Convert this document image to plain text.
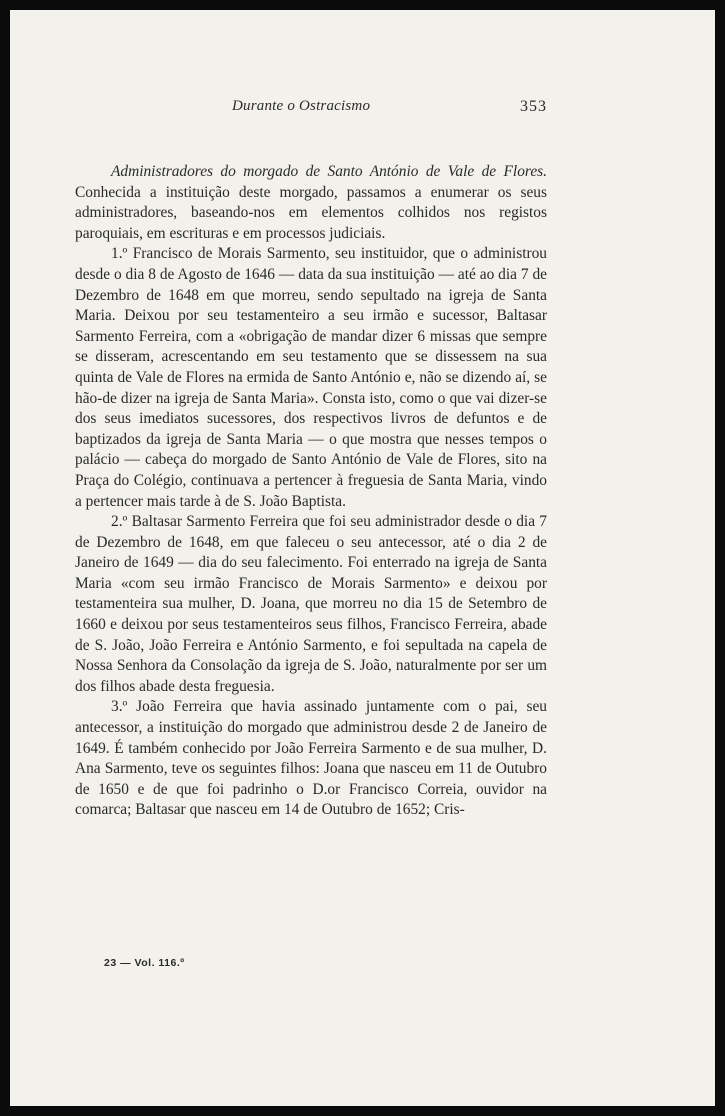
Durante o Ostracismo	353

Administradores do morgado de Santo António de Vale de Flores. Conhecida a instituição deste morgado, passamos a enumerar os seus administradores, baseando-nos em elementos colhidos nos registos paroquiais, em escrituras e em processos judiciais.

1.º Francisco de Morais Sarmento, seu instituidor, que o administrou desde o dia 8 de Agosto de 1646 — data da sua instituição — até ao dia 7 de Dezembro de 1648 em que morreu, sendo sepultado na igreja de Santa Maria. Deixou por seu testamenteiro a seu irmão e sucessor, Baltasar Sarmento Ferreira, com a «obrigação de mandar dizer 6 missas que sempre se disseram, acrescentando em seu testamento que se dissessem na sua quinta de Vale de Flores na ermida de Santo António e, não se dizendo aí, se hão-de dizer na igreja de Santa Maria». Consta isto, como o que vai dizer-se dos seus imediatos sucessores, dos respectivos livros de defuntos e de baptizados da igreja de Santa Maria — o que mostra que nesses tempos o palácio — cabeça do morgado de Santo António de Vale de Flores, sito na Praça do Colégio, continuava a pertencer à freguesia de Santa Maria, vindo a pertencer mais tarde à de S. João Baptista.

2.º Baltasar Sarmento Ferreira que foi seu administrador desde o dia 7 de Dezembro de 1648, em que faleceu o seu antecessor, até o dia 2 de Janeiro de 1649 — dia do seu falecimento. Foi enterrado na igreja de Santa Maria «com seu irmão Francisco de Morais Sarmento» e deixou por testamenteira sua mulher, D. Joana, que morreu no dia 15 de Setembro de 1660 e deixou por seus testamenteiros seus filhos, Francisco Ferreira, abade de S. João, João Ferreira e António Sarmento, e foi sepultada na capela de Nossa Senhora da Consolação da igreja de S. João, naturalmente por ser um dos filhos abade desta freguesia.

3.º João Ferreira que havia assinado juntamente com o pai, seu antecessor, a instituição do morgado que administrou desde 2 de Janeiro de 1649. É também conhecido por João Ferreira Sarmento e de sua mulher, D. Ana Sarmento, teve os seguintes filhos: Joana que nasceu em 11 de Outubro de 1650 e de que foi padrinho o D.or Francisco Correia, ouvidor na comarca; Baltasar que nasceu em 14 de Outubro de 1652; Cris-

23 — Vol. 116.º
